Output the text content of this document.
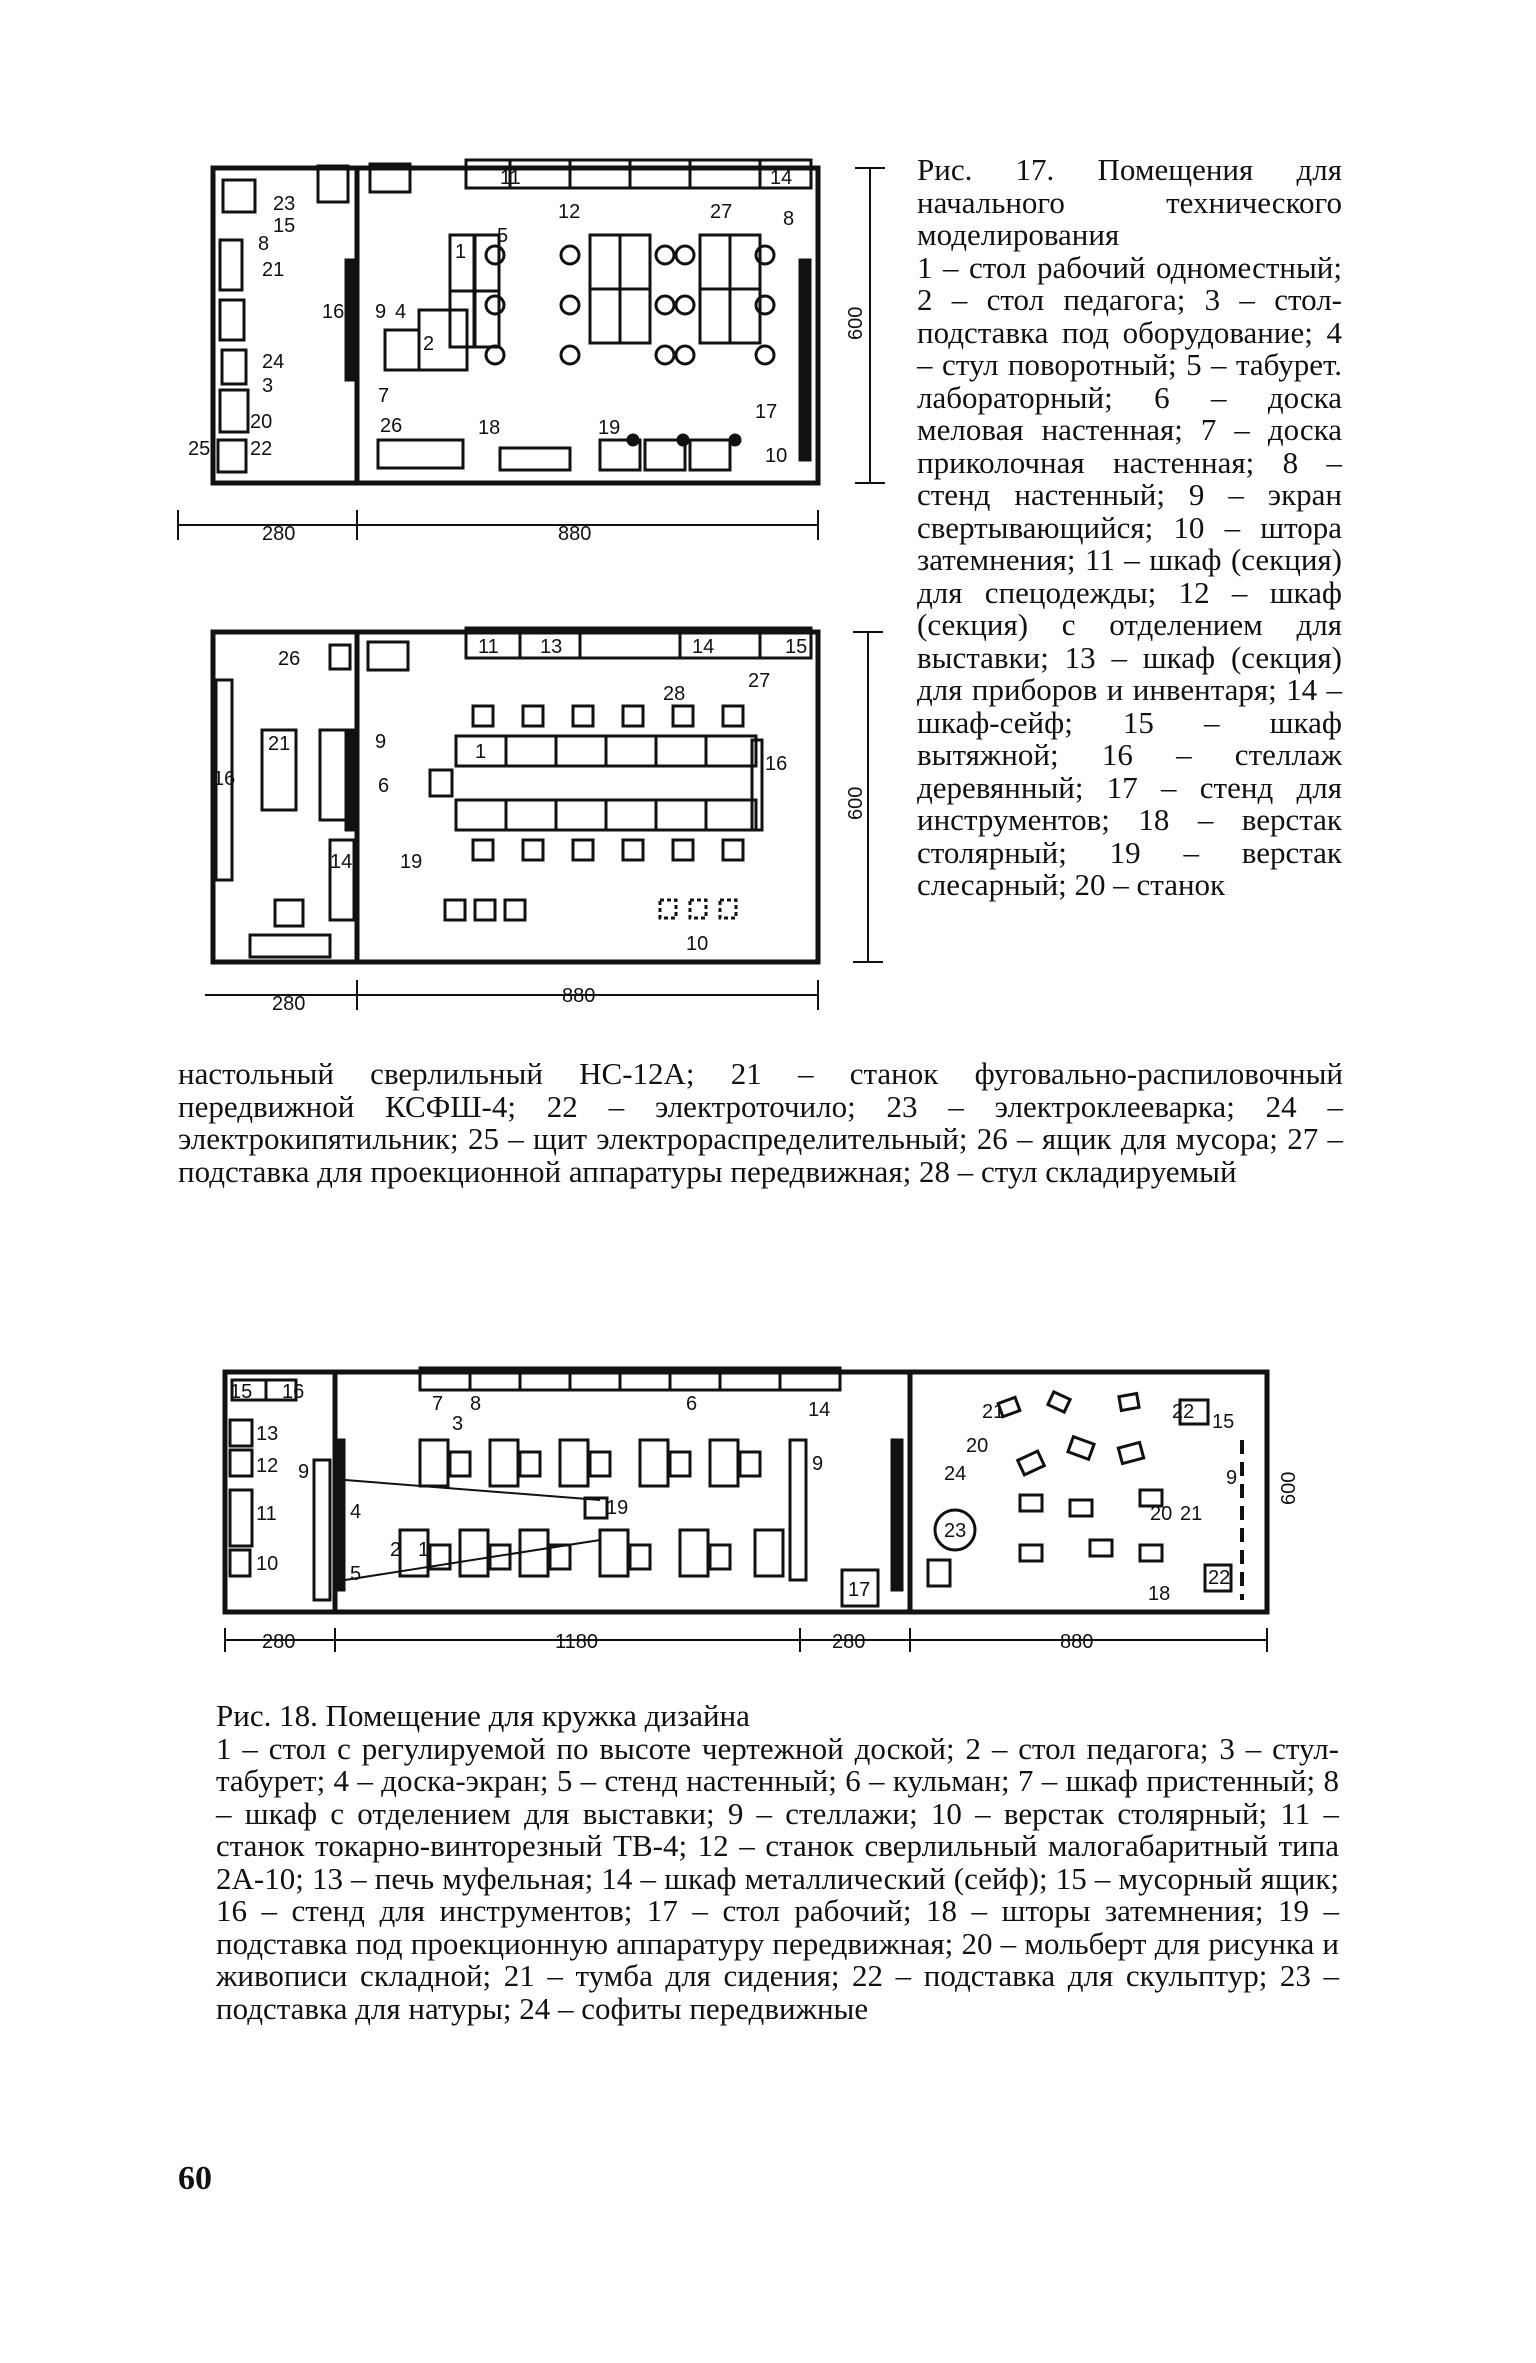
23
15
8
21
24
3
20
22
25
16 9 4
2
1
5
7
26	18	19
17
10
11
12	27
14
8
280	880
600
26
21
16
9
6
14 19
11 13	14	15
28
27
1
16
10
280	880
600
15 16
13
12
11
10
9
4
5
2 1
3
19
7 8	6	14
9
17
21	22 15
20
24
23
9
20 21
18
22
280	1180	280	880
600
Рис. 17. Помещения для начального технического моделирования
1 – стол рабочий одноместный; 2 – стол педагога; 3 – стол-подставка под оборудование; 4 – стул поворотный; 5 – табурет. лабораторный; 6 – доска меловая настенная; 7 – доска приколочная настенная; 8 – стенд настенный; 9 – экран свертывающийся; 10 – штора затемнения; 11 – шкаф (секция) для спецодежды; 12 – шкаф (секция) с отделением для выставки; 13 – шкаф (секция) для приборов и инвентаря; 14 – шкаф-сейф; 15 – шкаф вытяжной; 16 – стеллаж деревянный; 17 – стенд для инструментов; 18 – верстак столярный; 19 – верстак слесарный; 20 – станок
настольный сверлильный НС-12А; 21 – станок фуговально-распиловочный передвижной КСФШ-4; 22 – электроточило; 23 – электроклееварка; 24 – электрокипятильник; 25 – щит электрораспределительный; 26 – ящик для мусора; 27 – подставка для проекционной аппаратуры передвижная; 28 – стул складируемый
Рис. 18. Помещение для кружка дизайна
1 – стол с регулируемой по высоте чертежной доской; 2 – стол педагога; 3 – стул-табурет; 4 – доска-экран; 5 – стенд настенный; 6 – кульман; 7 – шкаф пристенный; 8 – шкаф с отделением для выставки; 9 – стеллажи; 10 – верстак столярный; 11 – станок токарно-винторезный ТВ-4; 12 – станок сверлильный малогабаритный типа 2А-10; 13 – печь муфельная; 14 – шкаф металлический (сейф); 15 – мусорный ящик; 16 – стенд для инструментов; 17 – стол рабочий; 18 – шторы затемнения; 19 – подставка под проекционную аппаратуру передвижная; 20 – мольберт для рисунка и живописи складной; 21 – тумба для сидения; 22 – подставка для скульптур; 23 – подставка для натуры; 24 – софиты передвижные
60
